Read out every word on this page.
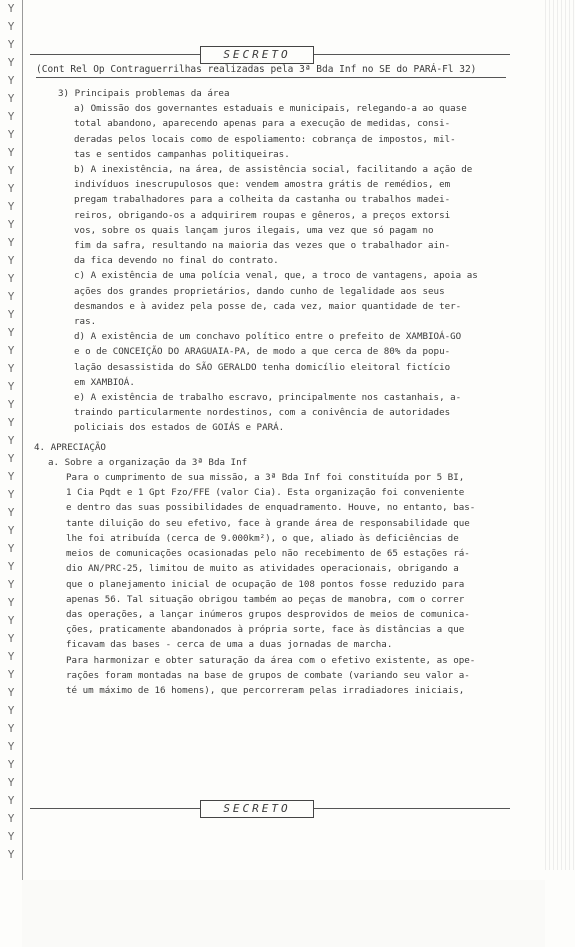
Y
Y
Y
Y
Y
Y
Y
Y
Y
Y
Y
Y
Y
Y
Y
Y
Y
Y
Y
Y
Y
Y
Y
Y
Y
Y
Y
Y
Y
Y
Y
Y
Y
Y
Y
Y
Y
Y
Y
Y
Y
Y
Y
Y
Y
Y
Y
Y
SECRETO
(Cont Rel Op Contraguerrilhas realizadas pela 3ª Bda Inf no SE do PARÁ-Fl 32)
3) Principais problemas da área
a) Omissão dos governantes estaduais e municipais, relegando-a ao quase
total abandono, aparecendo apenas para a execução de medidas, consi-
deradas pelos locais como de espoliamento: cobrança de impostos, mil-
tas e sentidos campanhas politiqueiras.
b) A inexistência, na área, de assistência social, facilitando a ação de
indivíduos inescrupulosos que: vendem amostra grátis de remédios, em
pregam trabalhadores para a colheita da castanha ou trabalhos madei-
reiros, obrigando-os a adquirirem roupas e gêneros, a preços extorsi
vos, sobre os quais lançam juros ilegais, uma vez que só pagam no
fim da safra, resultando na maioria das vezes que o trabalhador ain-
da fica devendo no final do contrato.
c) A existência de uma polícia venal, que, a troco de vantagens, apoia as
ações dos grandes proprietários, dando cunho de legalidade aos seus
desmandos e à avidez pela posse de, cada vez, maior quantidade de ter-
ras.
d) A existência de um conchavo político entre o prefeito de XAMBIOÁ-GO
e o de CONCEIÇÃO DO ARAGUAIA-PA, de modo a que cerca de 80% da popu-
lação desassistida do SÃO GERALDO tenha domicílio eleitoral fictício
em XAMBIOÁ.
e) A existência de trabalho escravo, principalmente nos castanhais, a-
traindo particularmente nordestinos, com a conivência de autoridades
policiais dos estados de GOIÁS e PARÁ.
4. APRECIAÇÃO
a. Sobre a organização da 3ª Bda Inf
Para o cumprimento de sua missão, a 3ª Bda Inf foi constituída por 5 BI,
1 Cia Pqdt e 1 Gpt Fzo/FFE (valor Cia). Esta organização foi conveniente
e dentro das suas possibilidades de enquadramento. Houve, no entanto, bas-
tante diluição do seu efetivo, face à grande área de responsabilidade que
lhe foi atribuída (cerca de 9.000km²), o que, aliado às deficiências de
meios de comunicações ocasionadas pelo não recebimento de 65 estações rá-
dio AN/PRC-25, limitou de muito as atividades operacionais, obrigando a
que o planejamento inicial de ocupação de 108 pontos fosse reduzido para
apenas 56. Tal situação obrigou também ao peças de manobra, com o correr
das operações, a lançar inúmeros grupos desprovidos de meios de comunica-
ções, praticamente abandonados à própria sorte, face às distâncias a que
ficavam das bases - cerca de uma a duas jornadas de marcha.
Para harmonizar e obter saturação da área com o efetivo existente, as ope-
rações foram montadas na base de grupos de combate (variando seu valor a-
té um máximo de 16 homens), que percorreram pelas irradiadores iniciais,
SECRETO
